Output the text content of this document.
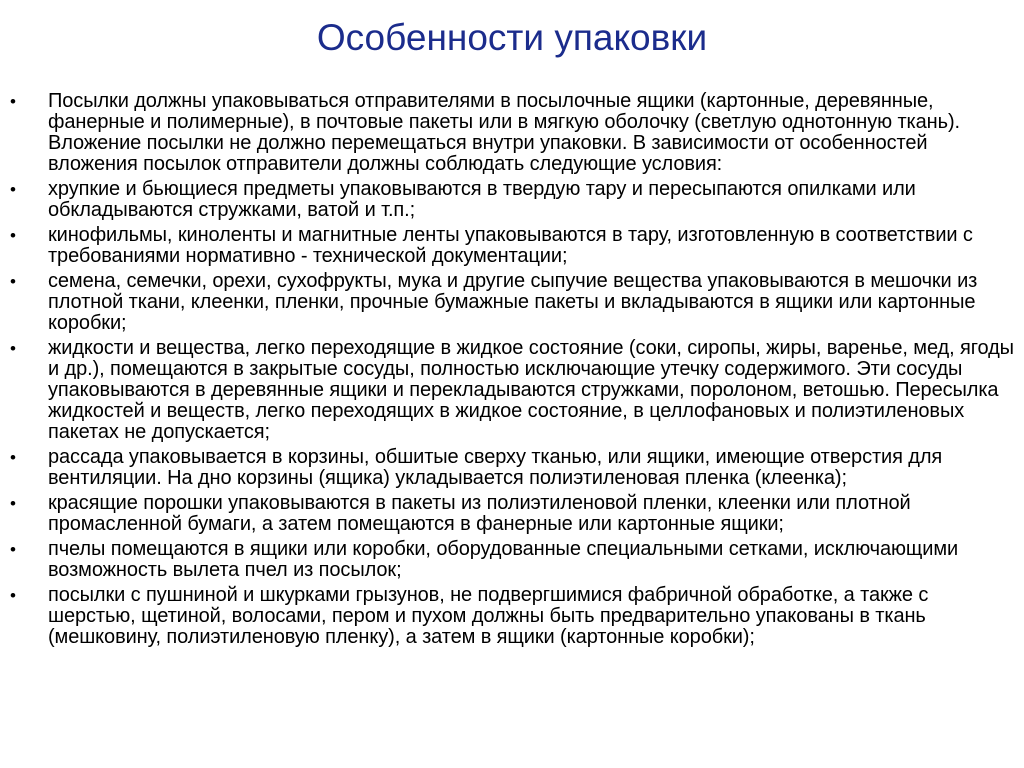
Особенности упаковки
•	Посылки должны упаковываться отправителями в посылочные ящики (картонные, деревянные, фанерные и полимерные), в почтовые пакеты или в мягкую оболочку (светлую однотонную ткань). Вложение посылки не должно перемещаться внутри упаковки. В зависимости от особенностей вложения посылок отправители должны соблюдать следующие условия:
•	хрупкие и бьющиеся предметы упаковываются в твердую тару и пересыпаются опилками или обкладываются стружками, ватой и т.п.;
•	кинофильмы, киноленты и магнитные ленты упаковываются в тару, изготовленную в соответствии с требованиями нормативно - технической документации;
•	семена, семечки, орехи, сухофрукты, мука и другие сыпучие вещества упаковываются в мешочки из плотной ткани, клеенки, пленки, прочные бумажные пакеты и вкладываются в ящики или картонные коробки;
•	жидкости и вещества, легко переходящие в жидкое состояние (соки, сиропы, жиры, варенье, мед, ягоды и др.), помещаются в закрытые сосуды, полностью исключающие утечку содержимого. Эти сосуды упаковываются в деревянные ящики и перекладываются стружками, поролоном, ветошью. Пересылка жидкостей и веществ, легко переходящих в жидкое состояние, в целлофановых и полиэтиленовых пакетах не допускается;
•	рассада упаковывается в корзины, обшитые сверху тканью, или ящики, имеющие отверстия для вентиляции. На дно корзины (ящика) укладывается полиэтиленовая пленка (клеенка);
•	красящие порошки упаковываются в пакеты из полиэтиленовой пленки, клеенки или плотной промасленной бумаги, а затем помещаются в фанерные или картонные ящики;
•	пчелы помещаются в ящики или коробки, оборудованные специальными сетками, исключающими возможность вылета пчел из посылок;
•	посылки с пушниной и шкурками грызунов, не подвергшимися фабричной обработке, а также с шерстью, щетиной, волосами, пером и пухом должны быть предварительно упакованы в ткань (мешковину, полиэтиленовую пленку), а затем в ящики (картонные коробки);
